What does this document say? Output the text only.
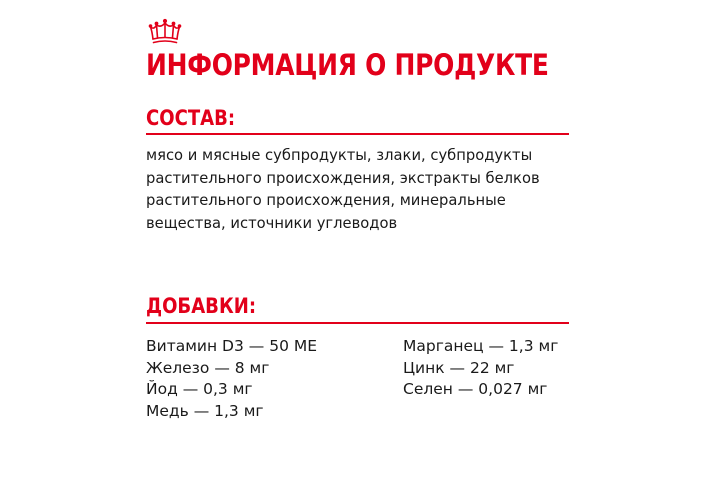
ИНФОРМАЦИЯ О ПРОДУКТЕ
СОСТАВ:
мясо и мясные субпродукты, злаки, субпродукты растительного происхождения, экстракты белков растительного происхождения, минеральные вещества, источники углеводов
ДОБАВКИ:
Витамин D3 — 50 МЕ
Железо — 8 мг
Йод — 0,3 мг
Медь — 1,3 мг
Марганец — 1,3 мг
Цинк — 22 мг
Селен — 0,027 мг
